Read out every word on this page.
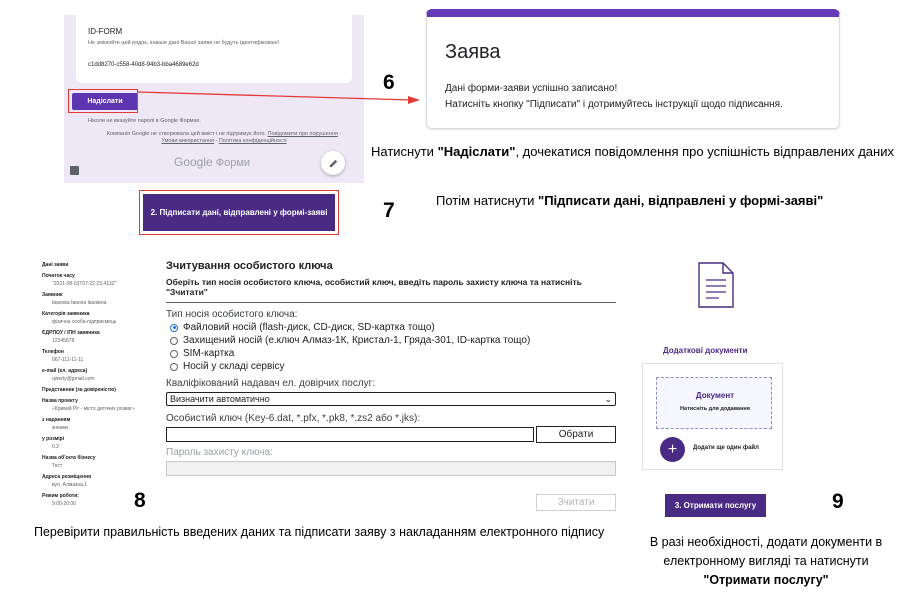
ID-FORM
Не змінюйте цей рядок, інакше дані Вашої заяви не будуть ідентифіковані!
c1dd8270-c558-40d8-94b3-bba4689e62d
Надіслати
Ніколи не вказуйте паролі в Google Формах.
Компанія Google не створювала цей вміст і не підтримує його. Повідомити про порушення - Умови використання - Політика конфіденційності
Google Форми
Заява
Дані форми-заяви успішно записано!
Натисніть кнопку "Підписати" і дотримуйтесь інструкції щодо підписання.
6
Натиснути "Надіслати", дочекатися повідомлення про успішність відправлених даних
2. Підписати дані, відправлені у формі-заяві	7	Потім натиснути "Підписати дані, відправлені у формі-заяві"
Дані заяви
Початок часу
"2021-08-03T07:22:23.413Z"
Заявник
Іванова Іванна Іванівна
Категорія заявника
фізична особа-підприємець
ЄДРПОУ / ІПН заявника
12345678
Телефон
067-111-11-11
e-mail (ел. адреса)
qwerty@gmail.com
Представник (за довіреністю)
Назва проекту
«Кривий Ріг - місто дитячих розваг»
з наданням
знежки
у розмірі
0.2
Назва об'єкта бізнесу
Тест
Адреса розміщення
вул. Алмазна,1
Режим роботи:
9:00-20:00
Зчитування особистого ключа
Оберіть тип носія особистого ключа, особистий ключ, введіть пароль захисту ключа та натисніть "Зчитати"
Тип носія особистого ключа:
Файловий носій (flash-диск, CD-диск, SD-картка тощо)
Захищений носій (е.ключ Алмаз-1К, Кристал-1, Гряда-301, ID-картка тощо)
SIM-картка
Носій у складі сервісу
Кваліфікований надавач ел. довірчих послуг:
Визначити автоматично	⌄
Особистий ключ (Key-6.dat, *.pfx, *.pk8, *.zs2 або *.jks):
Обрати
Пароль захисту ключа:
Зчитати
8
Перевірити правильність введених даних та підписати заяву з накладанням електронного підпису
Додаткові документи
Документ
Натисніть для додавання
+	Додати ще один файл
3. Отримати послугу	9
В разі необхідності, додати документи в
електронному вигляді та натиснути
"Отримати послугу"
